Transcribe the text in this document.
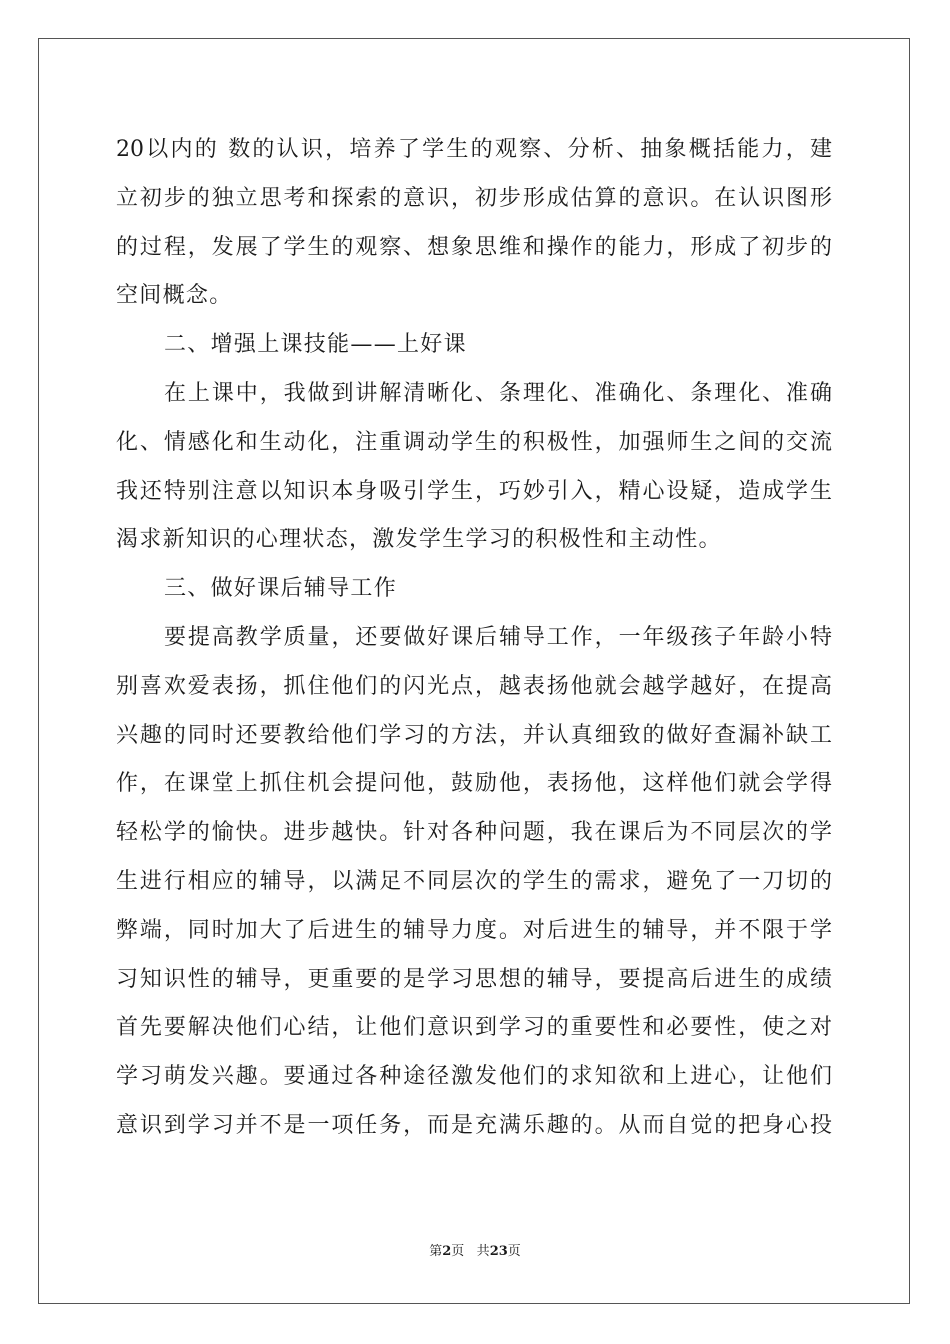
20以内的 数的认识，培养了学生的观察、分析、抽象概括能力，建
立初步的独立思考和探索的意识，初步形成估算的意识。在认识图形
的过程，发展了学生的观察、想象思维和操作的能力，形成了初步的
空间概念。
二、增强上课技能——上好课
在上课中，我做到讲解清晰化、条理化、准确化、条理化、准确
化、情感化和生动化，注重调动学生的积极性，加强师生之间的交流
我还特别注意以知识本身吸引学生，巧妙引入，精心设疑，造成学生
渴求新知识的心理状态，激发学生学习的积极性和主动性。
三、做好课后辅导工作
要提高教学质量，还要做好课后辅导工作，一年级孩子年龄小特
别喜欢爱表扬，抓住他们的闪光点，越表扬他就会越学越好，在提高
兴趣的同时还要教给他们学习的方法，并认真细致的做好查漏补缺工
作，在课堂上抓住机会提问他，鼓励他，表扬他，这样他们就会学得
轻松学的愉快。进步越快。针对各种问题，我在课后为不同层次的学
生进行相应的辅导，以满足不同层次的学生的需求，避免了一刀切的
弊端，同时加大了后进生的辅导力度。对后进生的辅导，并不限于学
习知识性的辅导，更重要的是学习思想的辅导，要提高后进生的成绩
首先要解决他们心结，让他们意识到学习的重要性和必要性，使之对
学习萌发兴趣。要通过各种途径激发他们的求知欲和上进心，让他们
意识到学习并不是一项任务，而是充满乐趣的。从而自觉的把身心投
第2页 共23页
